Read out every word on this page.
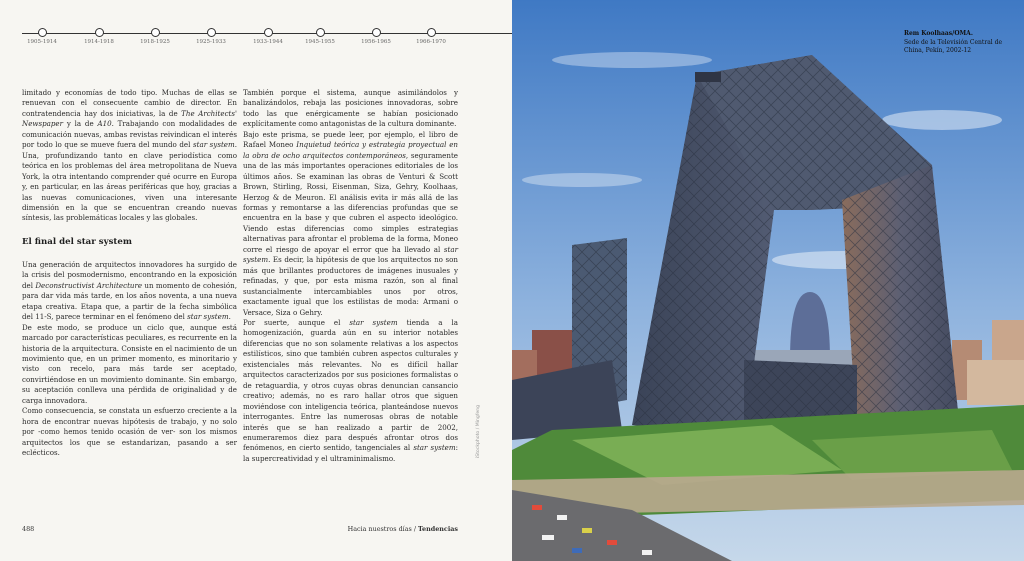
1905-1914	1914-1918	1918-1925	1925-1933	1933-1944	1945-1955	1956-1965	1966-1970

limitado y economías de todo tipo. Muchas de ellas se renuevan con el consecuente cambio de director. En contratendencia hay dos iniciativas, la de The Architects' Newspaper y la de A10. Trabajando con modalidades de comunicación nuevas, ambas revistas reivindican el interés por todo lo que se mueve fuera del mundo del star system. Una, profundizando tanto en clave periodística como teórica en los problemas del área metropolitana de Nueva York, la otra intentando comprender qué ocurre en Europa y, en particular, en las áreas periféricas que hoy, gracias a las nuevas comunicaciones, viven una interesante dimensión en la que se encuentran creando nuevas síntesis, las problemáticas locales y las globales.

El final del star system

Una generación de arquitectos innovadores ha surgido de la crisis del posmodernismo, encontrando en la exposición del Deconstructivist Architecture un momento de cohesión, para dar vida más tarde, en los años noventa, a una nueva etapa creativa. Etapa que, a partir de la fecha simbólica del 11-S, parece terminar en el fenómeno del star system.

De este modo, se produce un ciclo que, aunque está marcado por características peculiares, es recurrente en la historia de la arquitectura. Consiste en el nacimiento de un movimiento que, en un primer momento, es minoritario y visto con recelo, para más tarde ser aceptado, convirtiéndose en un movimiento dominante. Sin embargo, su aceptación conlleva una pérdida de originalidad y de carga innovadora.

Como consecuencia, se constata un esfuerzo creciente a la hora de encontrar nuevas hipótesis de trabajo, y no solo por -como hemos tenido ocasión de ver- son los mismos arquitectos los que se estandarizan, pasando a ser eclécticos.

También porque el sistema, aunque asimilándolos y banalizándolos, rebaja las posiciones innovadoras, sobre todo las que enérgicamente se habían posicionado explícitamente como antagonistas de la cultura dominante.

Bajo este prisma, se puede leer, por ejemplo, el libro de Rafael Moneo Inquietud teórica y estrategia proyectual en la obra de ocho arquitectos contemporáneos, seguramente una de las más importantes operaciones editoriales de los últimos años. Se examinan las obras de Venturi & Scott Brown, Stirling, Rossi, Eisenman, Siza, Gehry, Koolhaas, Herzog & de Meuron. El análisis evita ir más allá de las formas y remontarse a las diferencias profundas que se encuentra en la base y que cubren el aspecto ideológico. Viendo estas diferencias como simples estrategias alternativas para afrontar el problema de la forma, Moneo corre el riesgo de apoyar el error que ha llevado al star system. Es decir, la hipótesis de que los arquitectos no son más que brillantes productores de imágenes inusuales y refinadas, y que, por esta misma razón, son al final sustancialmente intercambiables unos por otros, exactamente igual que los estilistas de moda: Armani o Versace, Siza o Gehry.

Por suerte, aunque el star system tienda a la homogenización, guarda aún en su interior notables diferencias que no son solamente relativas a los aspectos estilísticos, sino que también cubren aspectos culturales y existenciales más relevantes. No es difícil hallar arquitectos caracterizados por sus posiciones formalistas o de retaguardia, y otros cuyas obras denuncian cansancio creativo; además, no es raro hallar otros que siguen moviéndose con inteligencia teórica, planteándose nuevos interrogantes. Entre las numerosas obras de notable interés que se han realizado a partir de 2002, enumeraremos diez para después afrontar otros dos fenómenos, en cierto sentido, tangenciales al star system: la supercreatividad y el ultraminimalismo.

iStockphoto / Mingfeng
488	Hacia nuestros días / Tendencias
Rem Koolhaas/OMA.
Sede de la Televisión Central de China, Pekín, 2002-12
